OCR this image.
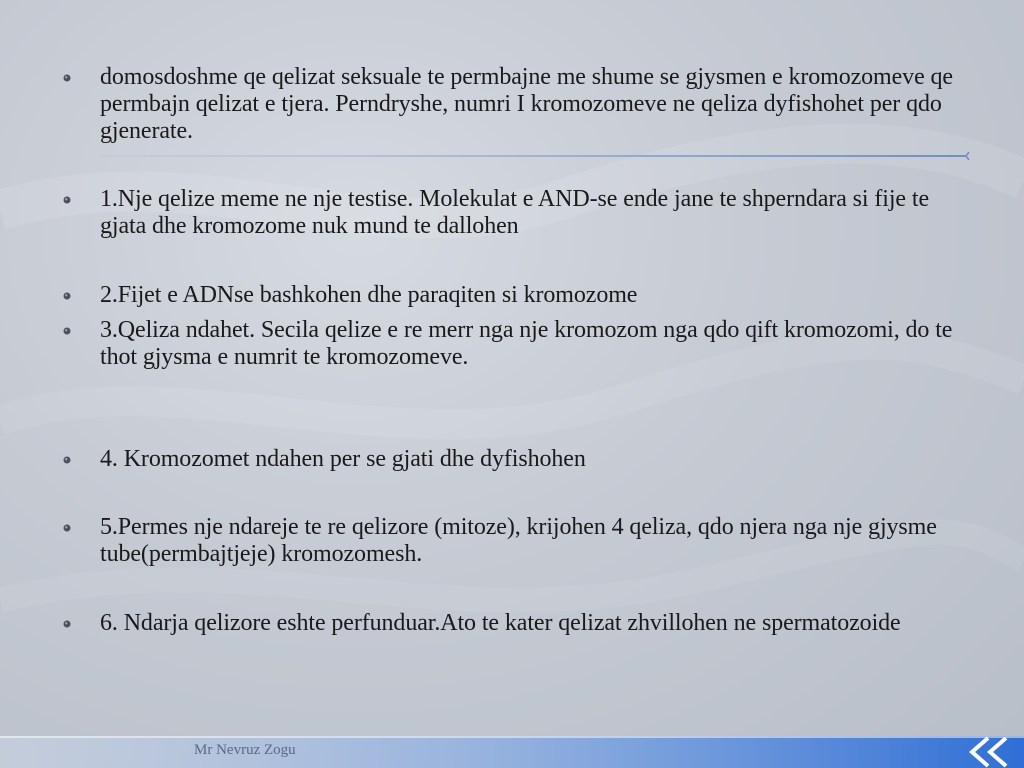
domosdoshme qe qelizat seksuale te permbajne me shume se gjysmen e kromozomeve qe permbajn qelizat e tjera. Perndryshe, numri I kromozomeve ne qeliza dyfishohet per qdo gjenerate.
1.Nje qelize meme ne nje testise. Molekulat e AND-se ende jane te shperndara si fije te gjata dhe kromozome nuk mund te dallohen
2.Fijet e ADNse bashkohen dhe paraqiten si kromozome
3.Qeliza ndahet. Secila qelize e re merr nga nje kromozom nga qdo qift kromozomi, do te thot gjysma e numrit te kromozomeve.
4. Kromozomet ndahen per se gjati dhe dyfishohen
5.Permes nje ndareje te re qelizore (mitoze), krijohen 4 qeliza, qdo njera nga nje gjysme tube(permbajtjeje) kromozomesh.
6. Ndarja qelizore eshte perfunduar.Ato te kater qelizat zhvillohen ne spermatozoide
Mr Nevruz Zogu
